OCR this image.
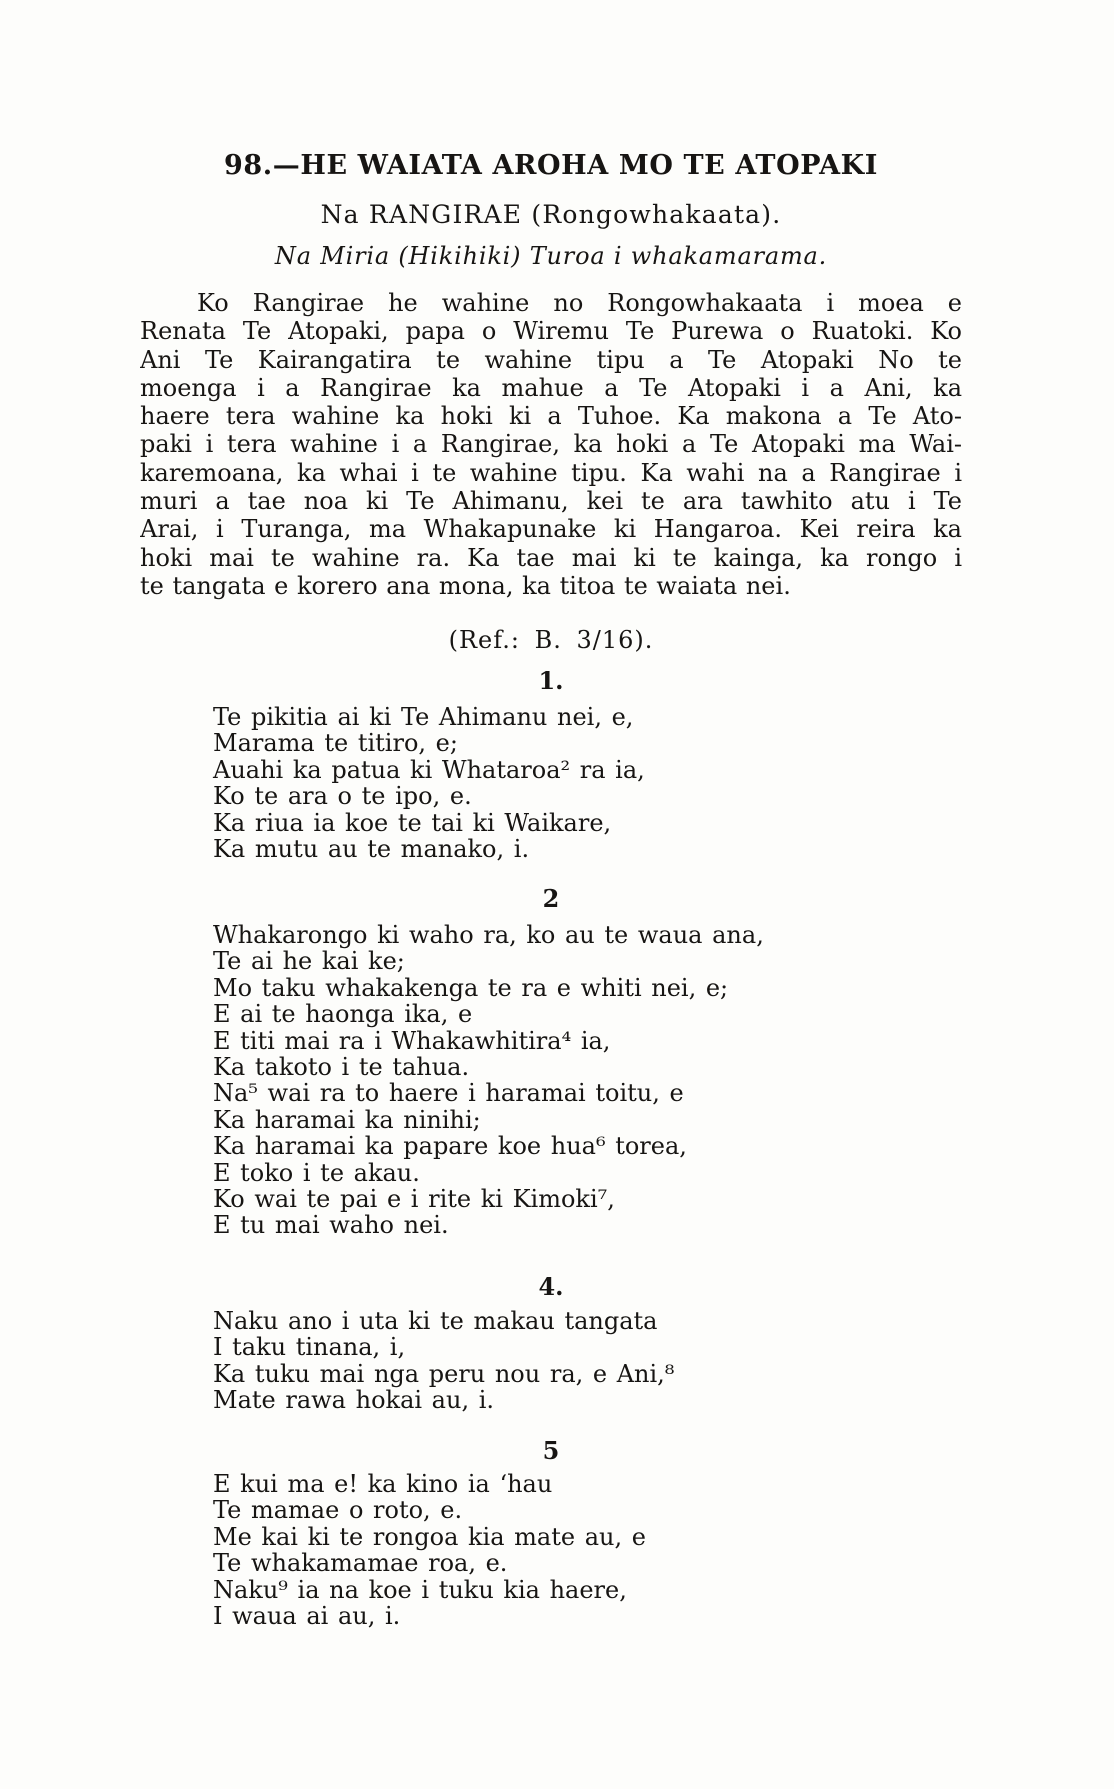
98.—HE WAIATA AROHA MO TE ATOPAKI
Na RANGIRAE (Rongowhakaata).
Na Miria (Hikihiki) Turoa i whakamarama.
Ko Rangirae he wahine no Rongowhakaata i moea e
Renata Te Atopaki, papa o Wiremu Te Purewa o Ruatoki. Ko
Ani Te Kairangatira te wahine tipu a Te Atopaki No te
moenga i a Rangirae ka mahue a Te Atopaki i a Ani, ka
haere tera wahine ka hoki ki a Tuhoe. Ka makona a Te Ato-
paki i tera wahine i a Rangirae, ka hoki a Te Atopaki ma Wai-
karemoana, ka whai i te wahine tipu. Ka wahi na a Rangirae i
muri a tae noa ki Te Ahimanu, kei te ara tawhito atu i Te
Arai, i Turanga, ma Whakapunake ki Hangaroa. Kei reira ka
hoki mai te wahine ra. Ka tae mai ki te kainga, ka rongo i
te tangata e korero ana mona, ka titoa te waiata nei.
(Ref.: B. 3/16).
1.
Te pikitia ai ki Te Ahimanu nei, e,
Marama te titiro, e;
Auahi ka patua ki Whataroa² ra ia,
Ko te ara o te ipo, e.
Ka riua ia koe te tai ki Waikare,
Ka mutu au te manako, i.
2
Whakarongo ki waho ra, ko au te waua ana,
Te ai he kai ke;
Mo taku whakakenga te ra e whiti nei, e;
E ai te haonga ika, e
E titi mai ra i Whakawhitira⁴ ia,
Ka takoto i te tahua.
Na⁵ wai ra to haere i haramai toitu, e
Ka haramai ka ninihi;
Ka haramai ka papare koe hua⁶ torea,
E toko i te akau.
Ko wai te pai e i rite ki Kimoki⁷,
E tu mai waho nei.
4.
Naku ano i uta ki te makau tangata
I taku tinana, i,
Ka tuku mai nga peru nou ra, e Ani,⁸
Mate rawa hokai au, i.
5
E kui ma e! ka kino ia ‘hau
Te mamae o roto, e.
Me kai ki te rongoa kia mate au, e
Te whakamamae roa, e.
Naku⁹ ia na koe i tuku kia haere,
I waua ai au, i.
